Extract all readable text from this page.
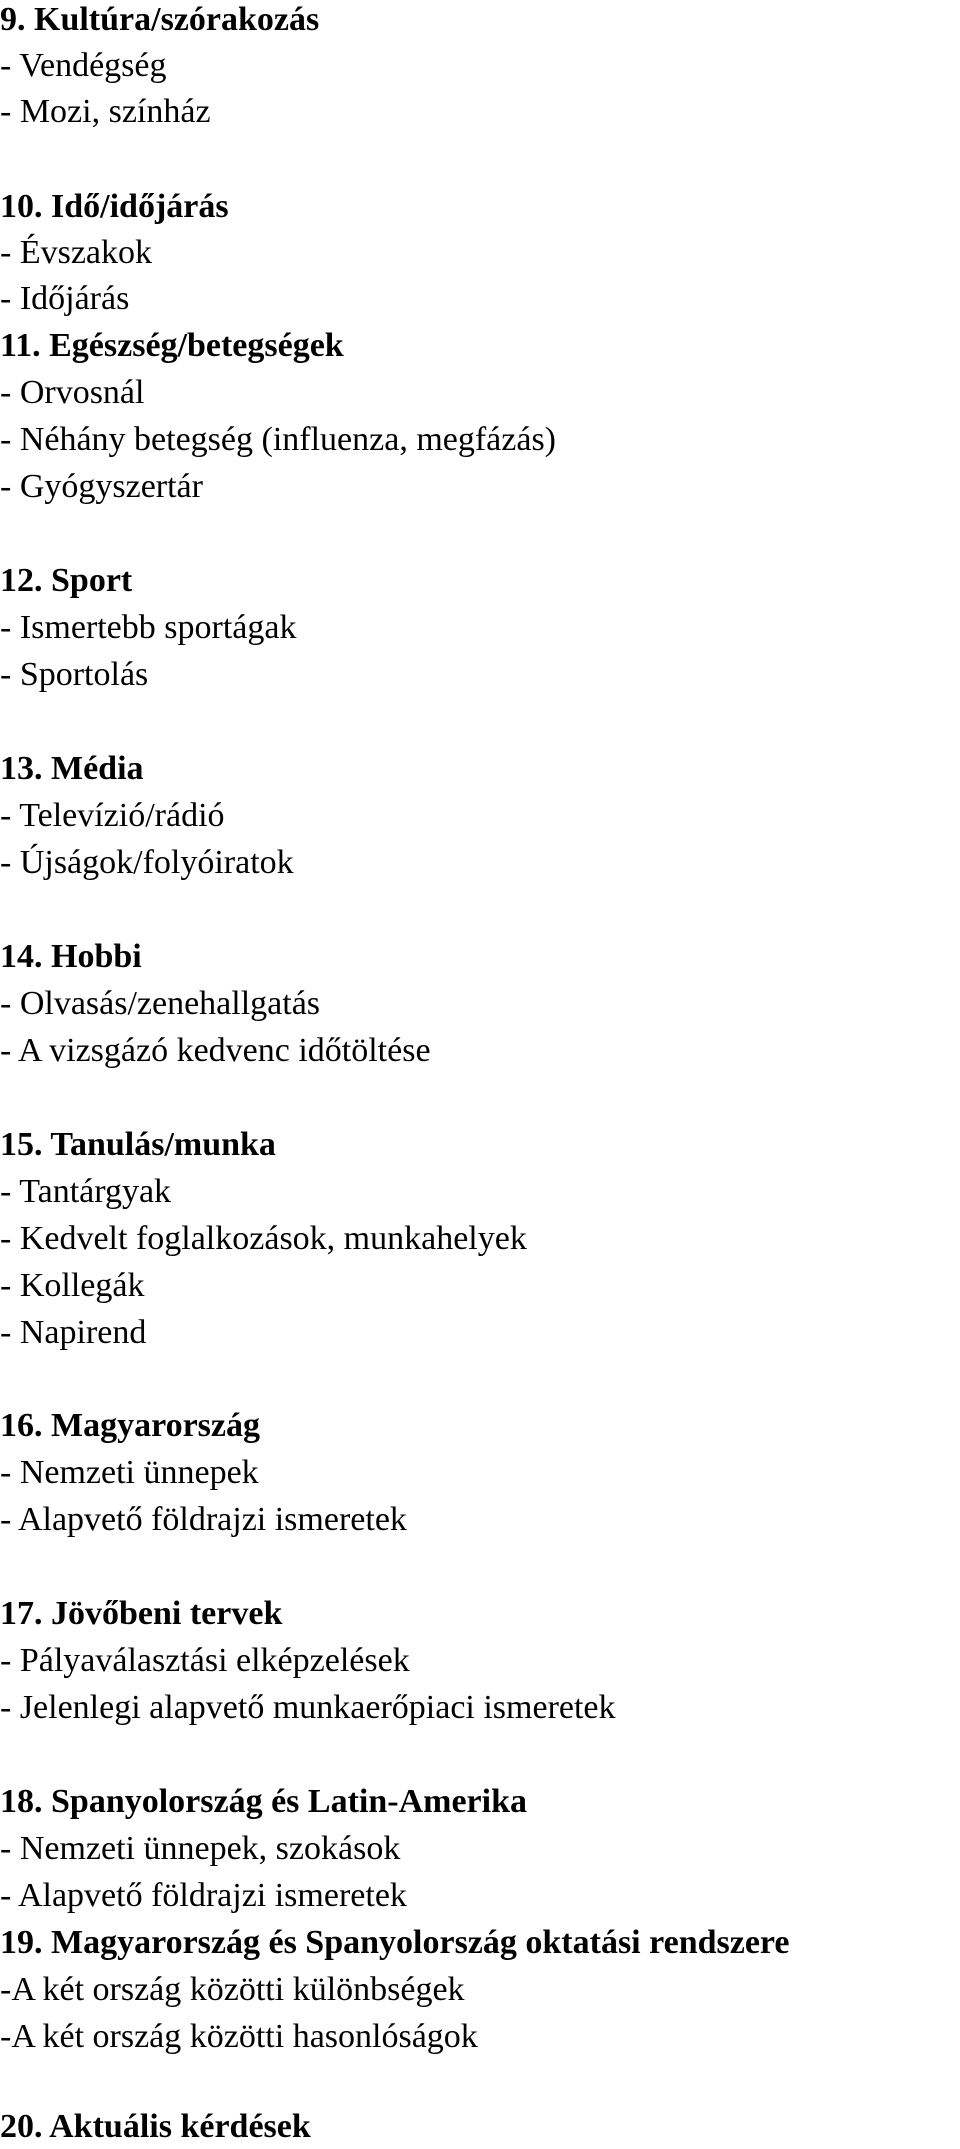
9. Kultúra/szórakozás
- Vendégség
- Mozi, színház
10. Idő/időjárás
- Évszakok
- Időjárás
11. Egészség/betegségek
- Orvosnál
- Néhány betegség (influenza, megfázás)
- Gyógyszertár
12. Sport
- Ismertebb sportágak
- Sportolás
13. Média
- Televízió/rádió
- Újságok/folyóiratok
14. Hobbi
- Olvasás/zenehallgatás
- A vizsgázó kedvenc időtöltése
15. Tanulás/munka
- Tantárgyak
- Kedvelt foglalkozások, munkahelyek
- Kollegák
- Napirend
16. Magyarország
- Nemzeti ünnepek
- Alapvető földrajzi ismeretek
17. Jövőbeni tervek
- Pályaválasztási elképzelések
- Jelenlegi alapvető munkaerőpiaci ismeretek
18. Spanyolország és Latin-Amerika
- Nemzeti ünnepek, szokások
- Alapvető földrajzi ismeretek
19. Magyarország és Spanyolország oktatási rendszere
-A két ország közötti különbségek
-A két ország közötti hasonlóságok
20. Aktuális kérdések
